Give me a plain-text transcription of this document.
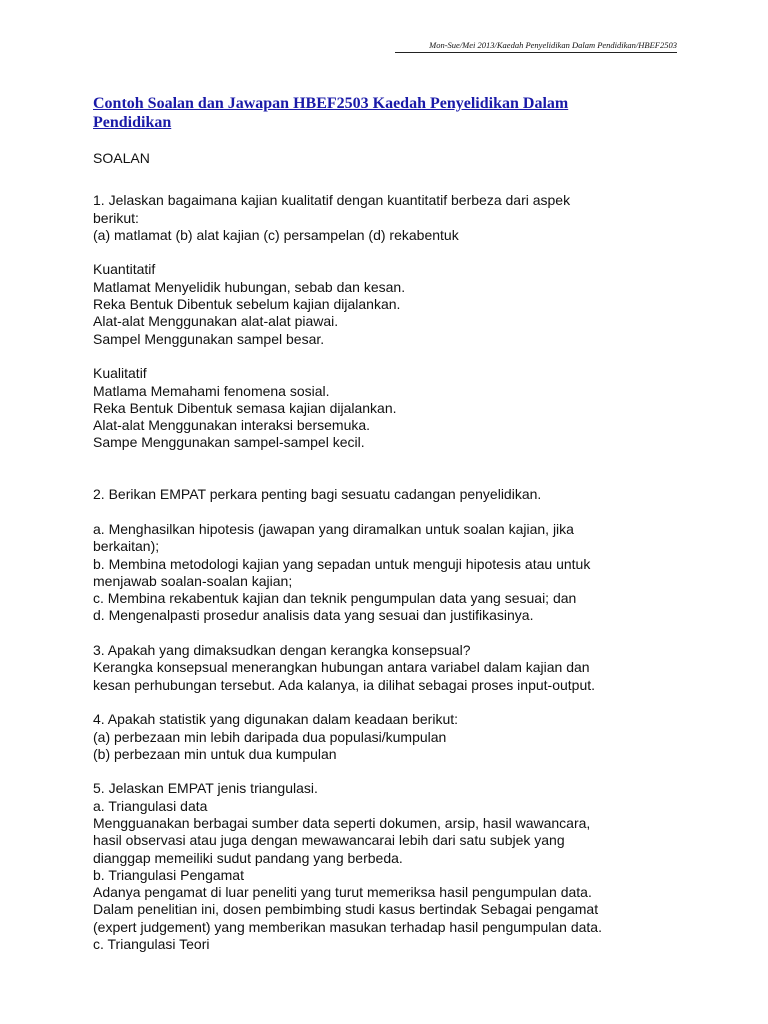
Mon-Sue/Mei 2013/Kaedah Penyelidikan Dalam Pendidikan/HBEF2503
Contoh Soalan dan Jawapan HBEF2503 Kaedah Penyelidikan Dalam
Pendidikan
SOALAN
1. Jelaskan bagaimana kajian kualitatif dengan kuantitatif berbeza dari aspek
berikut:
(a) matlamat (b) alat kajian (c) persampelan (d) rekabentuk
Kuantitatif
Matlamat Menyelidik hubungan, sebab dan kesan.
Reka Bentuk Dibentuk sebelum kajian dijalankan.
Alat-alat Menggunakan alat-alat piawai.
Sampel Menggunakan sampel besar.
Kualitatif
Matlama Memahami fenomena sosial.
Reka Bentuk Dibentuk semasa kajian dijalankan.
Alat-alat Menggunakan interaksi bersemuka.
Sampe Menggunakan sampel-sampel kecil.
2. Berikan EMPAT perkara penting bagi sesuatu cadangan penyelidikan.
a. Menghasilkan hipotesis (jawapan yang diramalkan untuk soalan kajian, jika
berkaitan);
b. Membina metodologi kajian yang sepadan untuk menguji hipotesis atau untuk
menjawab soalan-soalan kajian;
c. Membina rekabentuk kajian dan teknik pengumpulan data yang sesuai; dan
d. Mengenalpasti prosedur analisis data yang sesuai dan justifikasinya.
3. Apakah yang dimaksudkan dengan kerangka konsepsual?
Kerangka konsepsual menerangkan hubungan antara variabel dalam kajian dan
kesan perhubungan tersebut. Ada kalanya, ia dilihat sebagai proses input-output.
4. Apakah statistik yang digunakan dalam keadaan berikut:
(a) perbezaan min lebih daripada dua populasi/kumpulan
(b) perbezaan min untuk dua kumpulan
5. Jelaskan EMPAT jenis triangulasi.
a. Triangulasi data
Mengguanakan berbagai sumber data seperti dokumen, arsip, hasil wawancara,
hasil observasi atau juga dengan mewawancarai lebih dari satu subjek yang
dianggap memeiliki sudut pandang yang berbeda.
b. Triangulasi Pengamat
Adanya pengamat di luar peneliti yang turut memeriksa hasil pengumpulan data.
Dalam penelitian ini, dosen pembimbing studi kasus bertindak Sebagai pengamat
(expert judgement) yang memberikan masukan terhadap hasil pengumpulan data.
c. Triangulasi Teori
